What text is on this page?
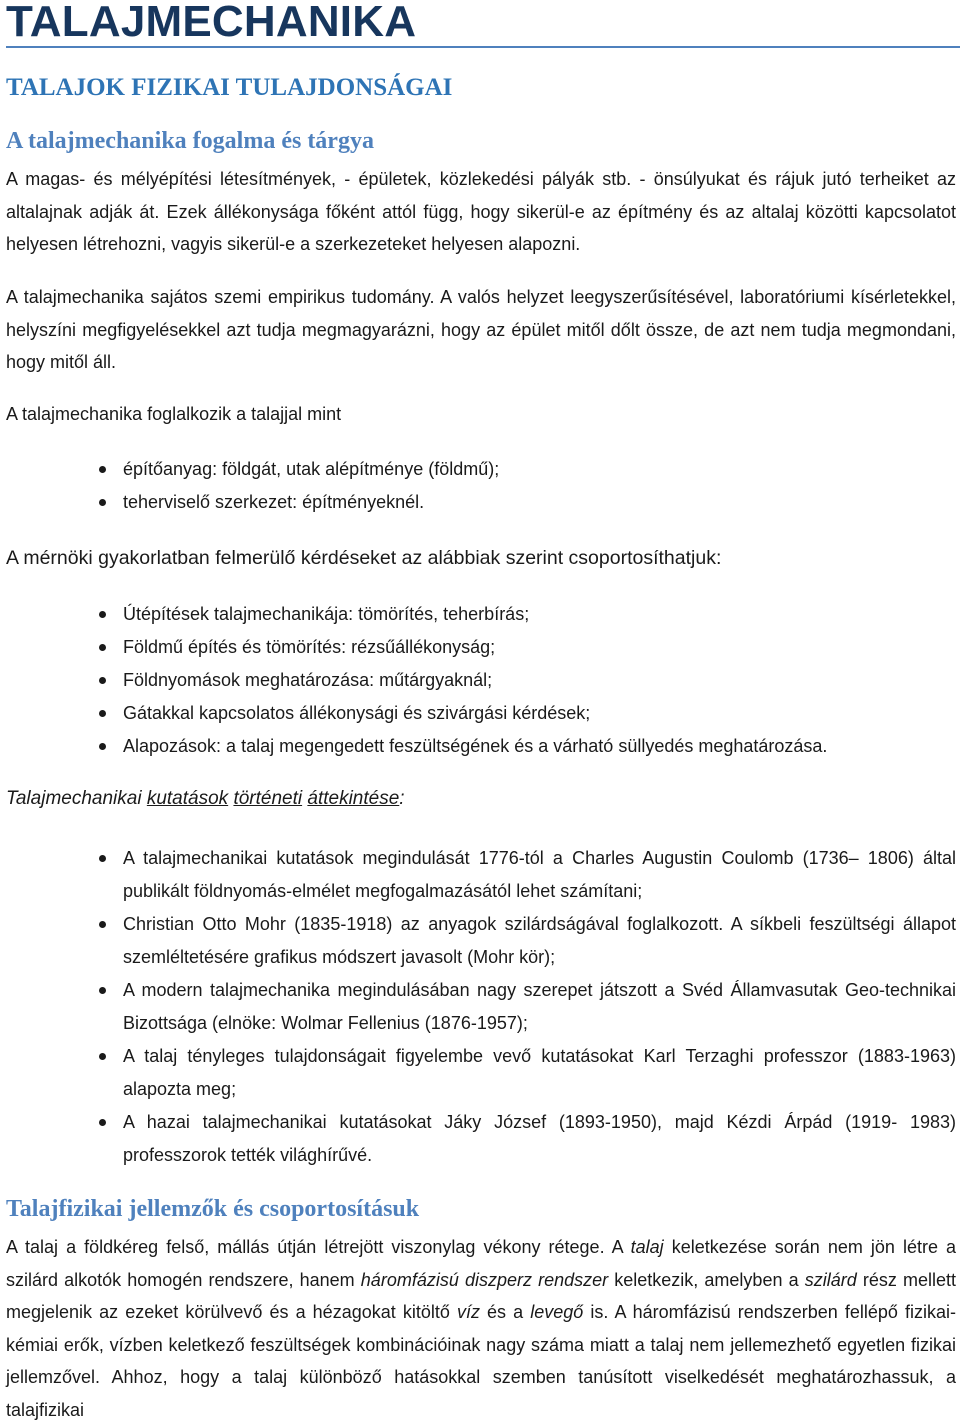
TALAJMECHANIKA
TALAJOK FIZIKAI TULAJDONSÁGAI
A talajmechanika fogalma és tárgya

A magas- és mélyépítési létesítmények, - épületek, közlekedési pályák stb. - önsúlyukat és rájuk jutó terheiket az altalajnak adják át. Ezek állékonysága főként attól függ, hogy sikerül-e az építmény és az altalaj közötti kapcsolatot helyesen létrehozni, vagyis sikerül-e a szerkezeteket helyesen alapozni.

A talajmechanika sajátos szemi empirikus tudomány. A valós helyzet leegyszerűsítésével, laboratóriumi kísérletekkel, helyszíni megfigyelésekkel azt tudja megmagyarázni, hogy az épület mitől dőlt össze, de azt nem tudja megmondani, hogy mitől áll.

A talajmechanika foglalkozik a talajjal mint

építőanyag: földgát, utak alépítménye (földmű);
teherviselő szerkezet: építményeknél.

A mérnöki gyakorlatban felmerülő kérdéseket az alábbiak szerint csoportosíthatjuk:

Útépítések talajmechanikája: tömörítés, teherbírás;
Földmű építés és tömörítés: rézsűállékonyság;
Földnyomások meghatározása: műtárgyaknál;
Gátakkal kapcsolatos állékonysági és szivárgási kérdések;
Alapozások: a talaj megengedett feszültségének és a várható süllyedés meghatározása.
Talajmechanikai kutatások történeti áttekintése:
A talajmechanikai kutatások megindulását 1776-tól a Charles Augustin Coulomb (1736– 1806) által publikált földnyomás-elmélet megfogalmazásától lehet számítani;
Christian Otto Mohr (1835-1918) az anyagok szilárdságával foglalkozott. A síkbeli feszültségi állapot szemléltetésére grafikus módszert javasolt (Mohr kör);
A modern talajmechanika megindulásában nagy szerepet játszott a Svéd Államvasutak Geo-technikai Bizottsága (elnöke: Wolmar Fellenius (1876-1957);
A talaj tényleges tulajdonságait figyelembe vevő kutatásokat Karl Terzaghi professzor (1883-1963) alapozta meg;
A hazai talajmechanikai kutatásokat Jáky József (1893-1950), majd Kézdi Árpád (1919- 1983) professzorok tették világhírűvé.
Talajfizikai jellemzők és csoportosításuk

A talaj a földkéreg felső, mállás útján létrejött viszonylag vékony rétege. A talaj keletkezése során nem jön létre a szilárd alkotók homogén rendszere, hanem háromfázisú diszperz rendszer keletkezik, amelyben a szilárd rész mellett megjelenik az ezeket körülvevő és a hézagokat kitöltő víz és a levegő is. A háromfázisú rendszerben fellépő fizikai- kémiai erők, vízben keletkező feszültségek kombinációinak nagy száma miatt a talaj nem jellemezhető egyetlen fizikai jellemzővel. Ahhoz, hogy a talaj különböző hatásokkal szemben tanúsított viselkedését meghatározhassuk, a talajfizikai
